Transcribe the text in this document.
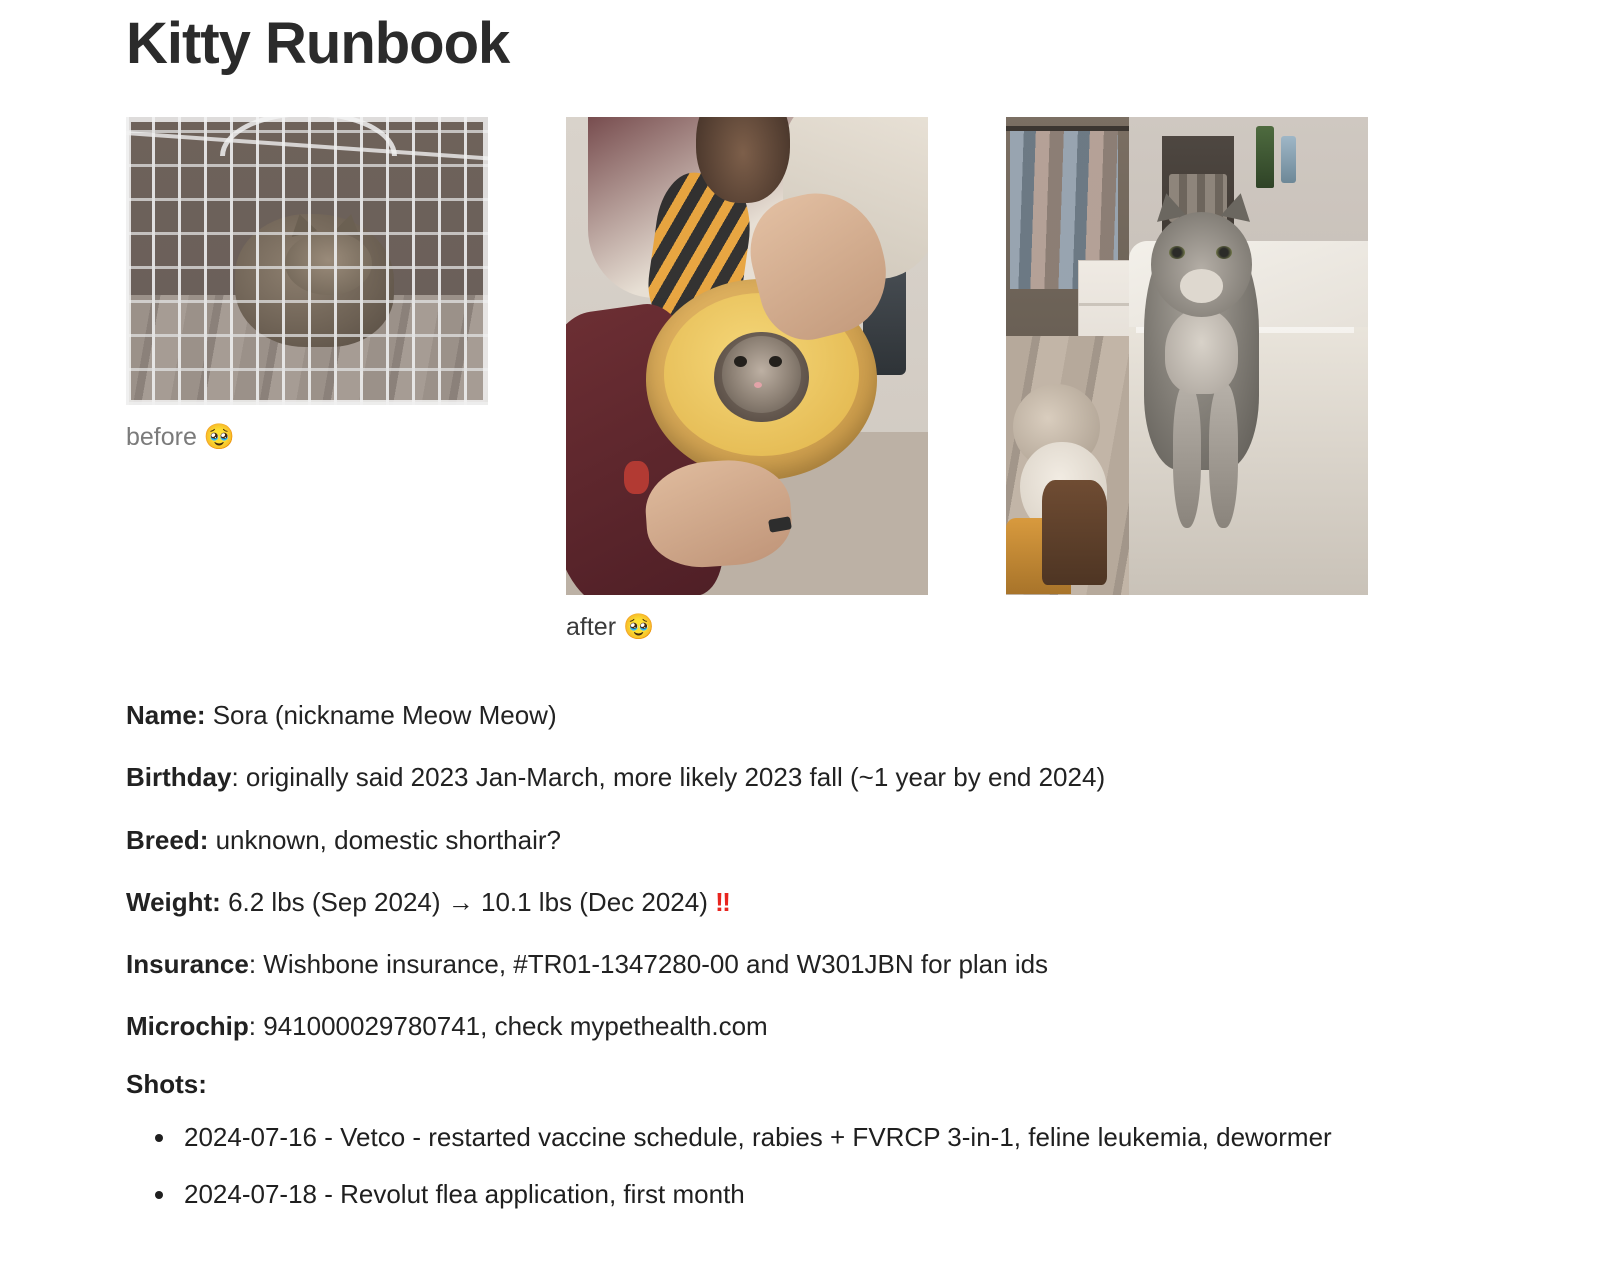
Kitty Runbook
before 🥹
after 🥹

Name: Sora (nickname Meow Meow)

Birthday: originally said 2023 Jan-March, more likely 2023 fall (~1 year by end 2024)

Breed: unknown, domestic shorthair?

Weight: 6.2 lbs (Sep 2024) → 10.1 lbs (Dec 2024) ‼

Insurance: Wishbone insurance, #TR01-1347280-00 and W301JBN for plan ids

Microchip: 941000029780741, check mypethealth.com

Shots:

• 2024-07-16 - Vetco - restarted vaccine schedule, rabies + FVRCP 3-in-1, feline leukemia, dewormer
• 2024-07-18 - Revolut flea application, first month
